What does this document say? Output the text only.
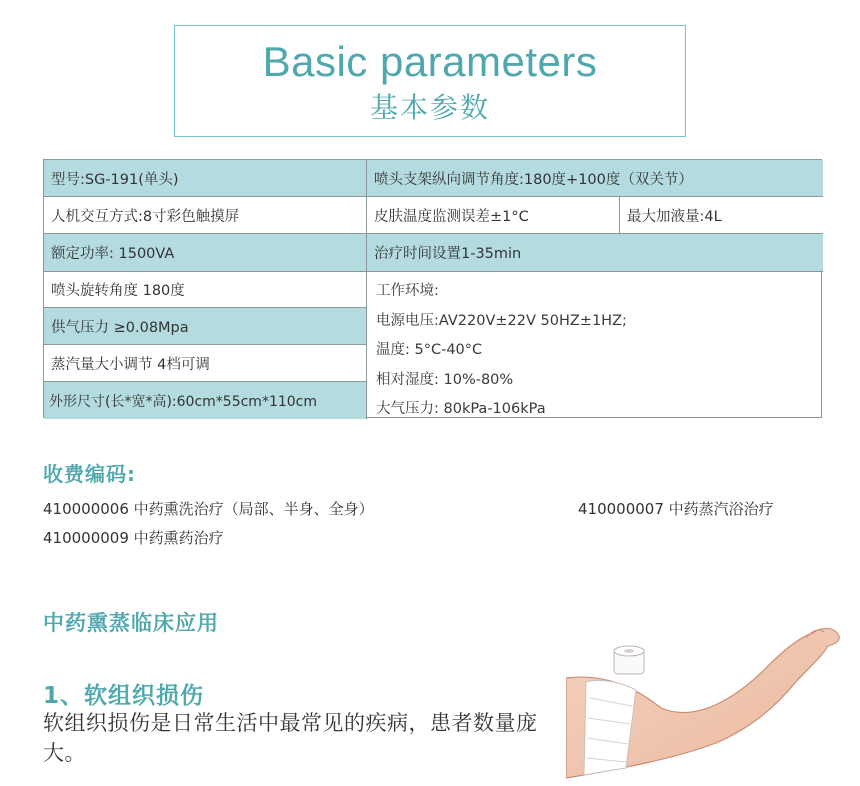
Basic parameters
基本参数
型号:SG-191(单头)	喷头支架纵向调节角度:180度+100度（双关节）
人机交互方式:8寸彩色触摸屏	皮肤温度监测误差±1°C	最大加液量:4L
额定功率: 1500VA	治疗时间设置1-35min
喷头旋转角度 180度
供气压力 ≥0.08Mpa
蒸汽量大小调节 4档可调
外形尺寸(长*宽*高):60cm*55cm*110cm
工作环境:
电源电压:AV220V±22V 50HZ±1HZ;
温度: 5°C-40°C
相对湿度: 10%-80%
大气压力: 80kPa-106kPa
收费编码:
410000006 中药熏洗治疗（局部、半身、全身）	410000007 中药蒸汽浴治疗
410000009 中药熏药治疗
中药熏蒸临床应用
1、软组织损伤
软组织损伤是日常生活中最常见的疾病，患者数量庞大。
